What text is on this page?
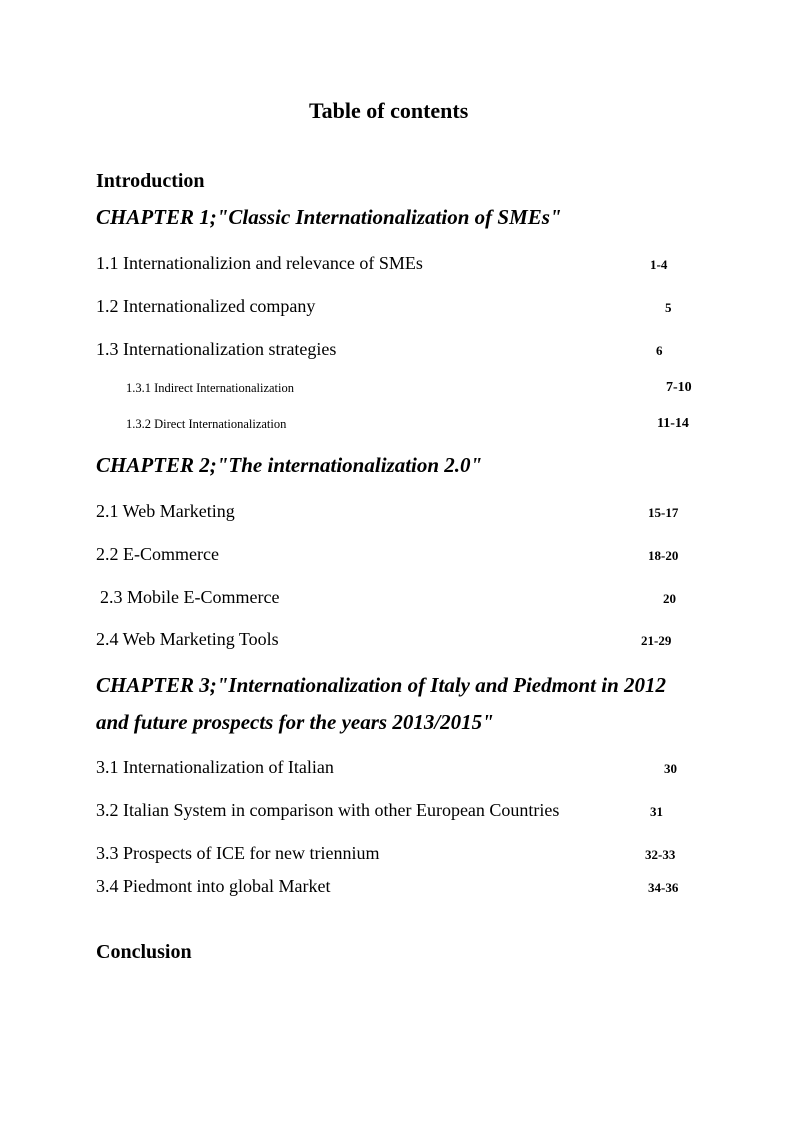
Table of contents
Introduction
CHAPTER 1;"Classic Internationalization of SMEs"
1.1 Internationalizion and relevance of SMEs	1-4
1.2 Internationalized company	5
1.3 Internationalization strategies	6
1.3.1 Indirect Internationalization	7-10
1.3.2 Direct Internationalization	11-14
CHAPTER 2;"The internationalization 2.0"
2.1 Web Marketing	15-17
2.2 E-Commerce	18-20
2.3 Mobile E-Commerce	20
2.4 Web Marketing Tools	21-29
CHAPTER 3;"Internationalization of Italy and Piedmont in 2012
and future prospects for the years 2013/2015"
3.1 Internationalization of Italian	30
3.2 Italian System in comparison with other European Countries	31
3.3 Prospects of ICE for new triennium	32-33
3.4 Piedmont into global Market	34-36
Conclusion
